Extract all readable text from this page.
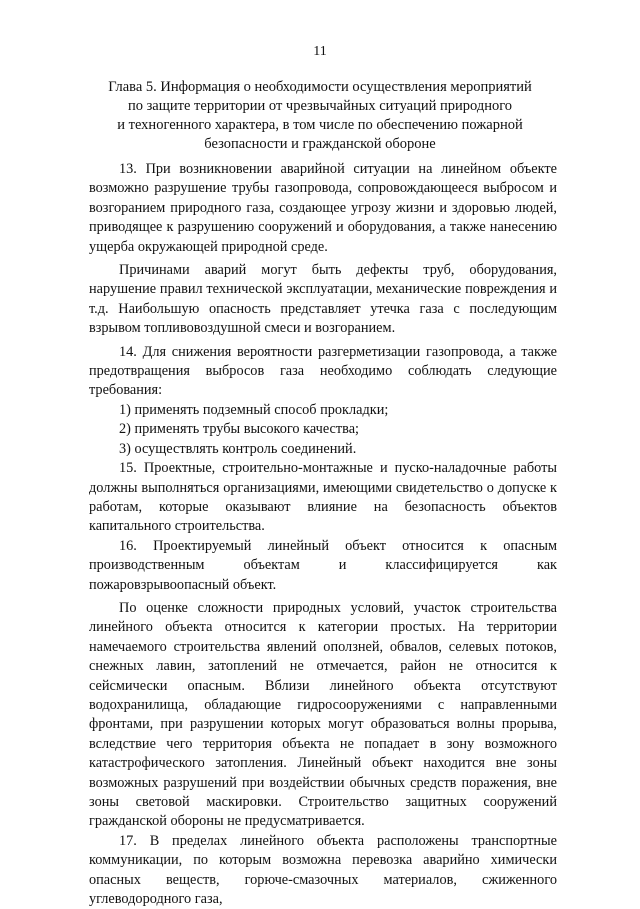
11
Глава 5. Информация о необходимости осуществления мероприятий
по защите территории от чрезвычайных ситуаций природного
и техногенного характера, в том числе по обеспечению пожарной
безопасности и гражданской обороне

13. При возникновении аварийной ситуации на линейном объекте возможно разрушение трубы газопровода, сопровождающееся выбросом и возгоранием природного газа, создающее угрозу жизни и здоровью людей, приводящее к разрушению сооружений и оборудования, а также нанесению ущерба окружающей природной среде.

Причинами аварий могут быть дефекты труб, оборудования, нарушение правил технической эксплуатации, механические повреждения и т.д. Наибольшую опасность представляет утечка газа с последующим взрывом топливовоздушной смеси и возгоранием.

14. Для снижения вероятности разгерметизации газопровода, а также предотвращения выбросов газа необходимо соблюдать следующие требования:

1) применять подземный способ прокладки;

2) применять трубы высокого качества;

3) осуществлять контроль соединений.

15. Проектные, строительно-монтажные и пуско-наладочные работы должны выполняться организациями, имеющими свидетельство о допуске к работам, которые оказывают влияние на безопасность объектов капитального строительства.

16. Проектируемый линейный объект относится к опасным производственным объектам и классифицируется как пожаровзрывоопасный объект.

По оценке сложности природных условий, участок строительства линейного объекта относится к категории простых. На территории намечаемого строительства явлений оползней, обвалов, селевых потоков, снежных лавин, затоплений не отмечается, район не относится к сейсмически опасным. Вблизи линейного объекта отсутствуют водохранилища, обладающие гидросооружениями с направленными фронтами, при разрушении которых могут образоваться волны прорыва, вследствие чего территория объекта не попадает в зону возможного катастрофического затопления. Линейный объект находится вне зоны возможных разрушений при воздействии обычных средств поражения, вне зоны световой маскировки. Строительство защитных сооружений гражданской обороны не предусматривается.

17. В пределах линейного объекта расположены транспортные коммуникации, по которым возможна перевозка аварийно химически опасных веществ, горюче-смазочных материалов, сжиженного углеводородного газа,
